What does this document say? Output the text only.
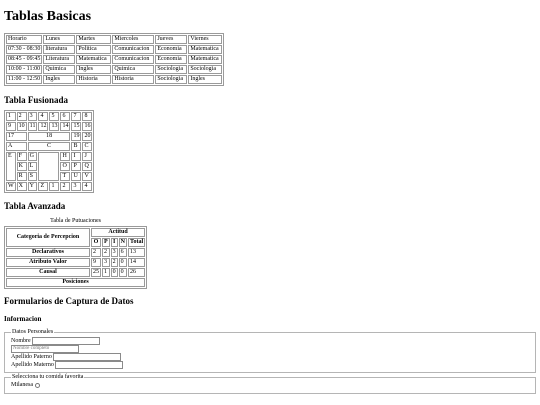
Tablas Basicas
Horario	Lunes	Martes	Miercoles	Jueves	Viernes
07:30 - 08:30	literatura	Politica	Comunicacion	Economia	Matematica
08:45 - 09:45	Literatura	Matematica	Comunicacion	Economia	Matematica
10:00 - 11:00	Quimica	Ingles	Quimica	Sociologia	Sociologia
11:00 - 12:50	Ingles	Historia	Historia	Sociologia	Ingles
Tabla Fusionada
1	2	3	4	5	6	7	8
9	10	11	12	13	14	15	16
17		18				19	20
A		C				B	C
E	F	G			H	I	J
	K	L			O	P	Q
	R	S			T	U	V
W	X	Y	Z	1	2	3	4
Tabla Avanzada
Tabla de Putuaciones
Categoria de Percepcion	Actitud				
	O	P	I	N	Total
Declarativos	2	2	3	6	13
Atributo Valor	9	3	2	0	14
Causal	25	1	0	0	26
Posiciones					
Formularios de Captura de Datos
Informacion
Datos Personales
Nombre
Nombre completo
Apellido Paterno
Apellido Materno
Selecciona tu comida favorita
Milanesa
